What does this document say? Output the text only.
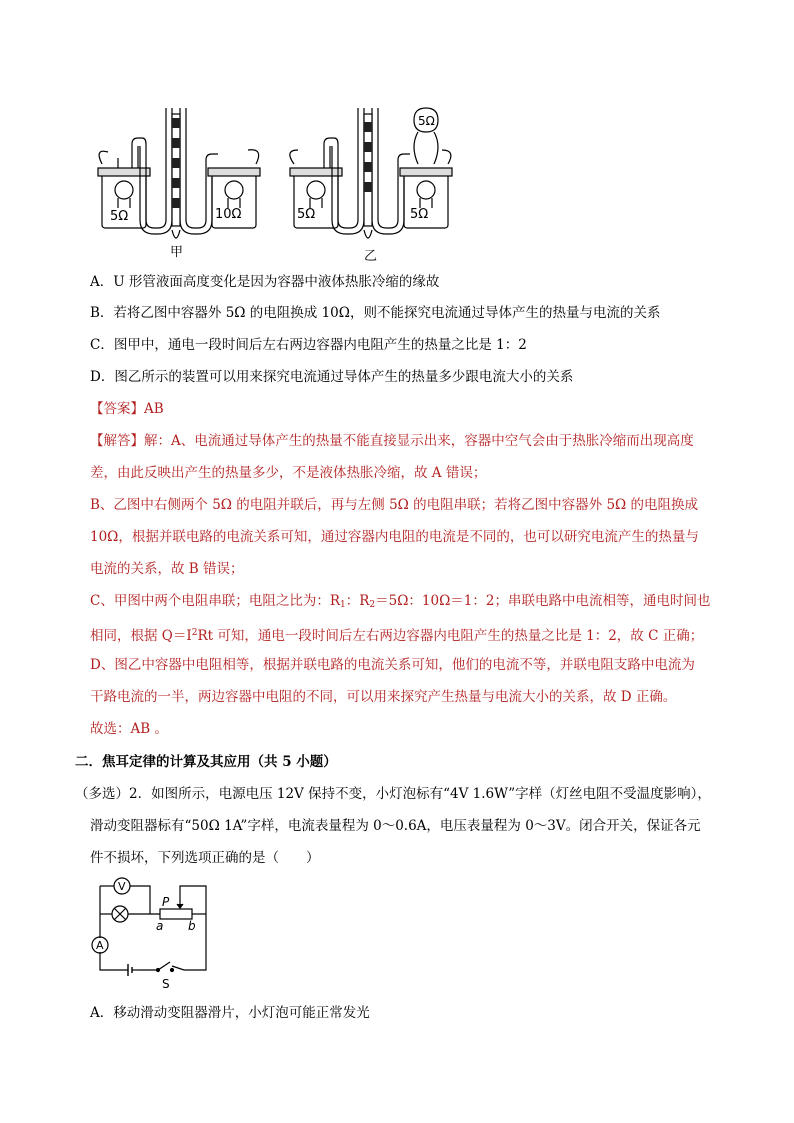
5Ω	10Ω
甲
5Ω	5Ω
5Ω
乙
A．U 形管液面高度变化是因为容器中液体热胀冷缩的缘故
B．若将乙图中容器外 5Ω 的电阻换成 10Ω，则不能探究电流通过导体产生的热量与电流的关系
C．图甲中，通电一段时间后左右两边容器内电阻产生的热量之比是 1：2
D．图乙所示的装置可以用来探究电流通过导体产生的热量多少跟电流大小的关系
【答案】AB
【解答】解：A、电流通过导体产生的热量不能直接显示出来，容器中空气会由于热胀冷缩而出现高度
差，由此反映出产生的热量多少，不是液体热胀冷缩，故 A 错误；
B、乙图中右侧两个 5Ω 的电阻并联后，再与左侧 5Ω 的电阻串联；若将乙图中容器外 5Ω 的电阻换成
10Ω，根据并联电路的电流关系可知，通过容器内电阻的电流是不同的，也可以研究电流产生的热量与
电流的关系，故 B 错误；
C、甲图中两个电阻串联；电阻之比为：$R_1$：$R_2=5\Omega$：10Ω＝1：2；串联电路中电流相等，通电时间也
相同，根据 $Q=I^2Rt$ 可知，通电一段时间后左右两边容器内电阻产生的热量之比是 1：2，故 C 正确；
D、图乙中容器中电阻相等，根据并联电路的电流关系可知，他们的电流不等，并联电阻支路中电流为
干路电流的一半，两边容器中电阻的不同，可以用来探究产生热量与电流大小的关系，故 D 正确。
故选：AB 。
二．焦耳定律的计算及其应用（共 5 小题）
（多选）2．如图所示，电源电压 12V 保持不变，小灯泡标有“4V 1.6W”字样（灯丝电阻不受温度影响），
滑动变阻器标有“50Ω 1A”字样，电流表量程为 0～0.6A，电压表量程为 0～3V。闭合开关，保证各元
件不损坏，下列选项正确的是（　　）
V
A
P
a b
S
A．移动滑动变阻器滑片，小灯泡可能正常发光
